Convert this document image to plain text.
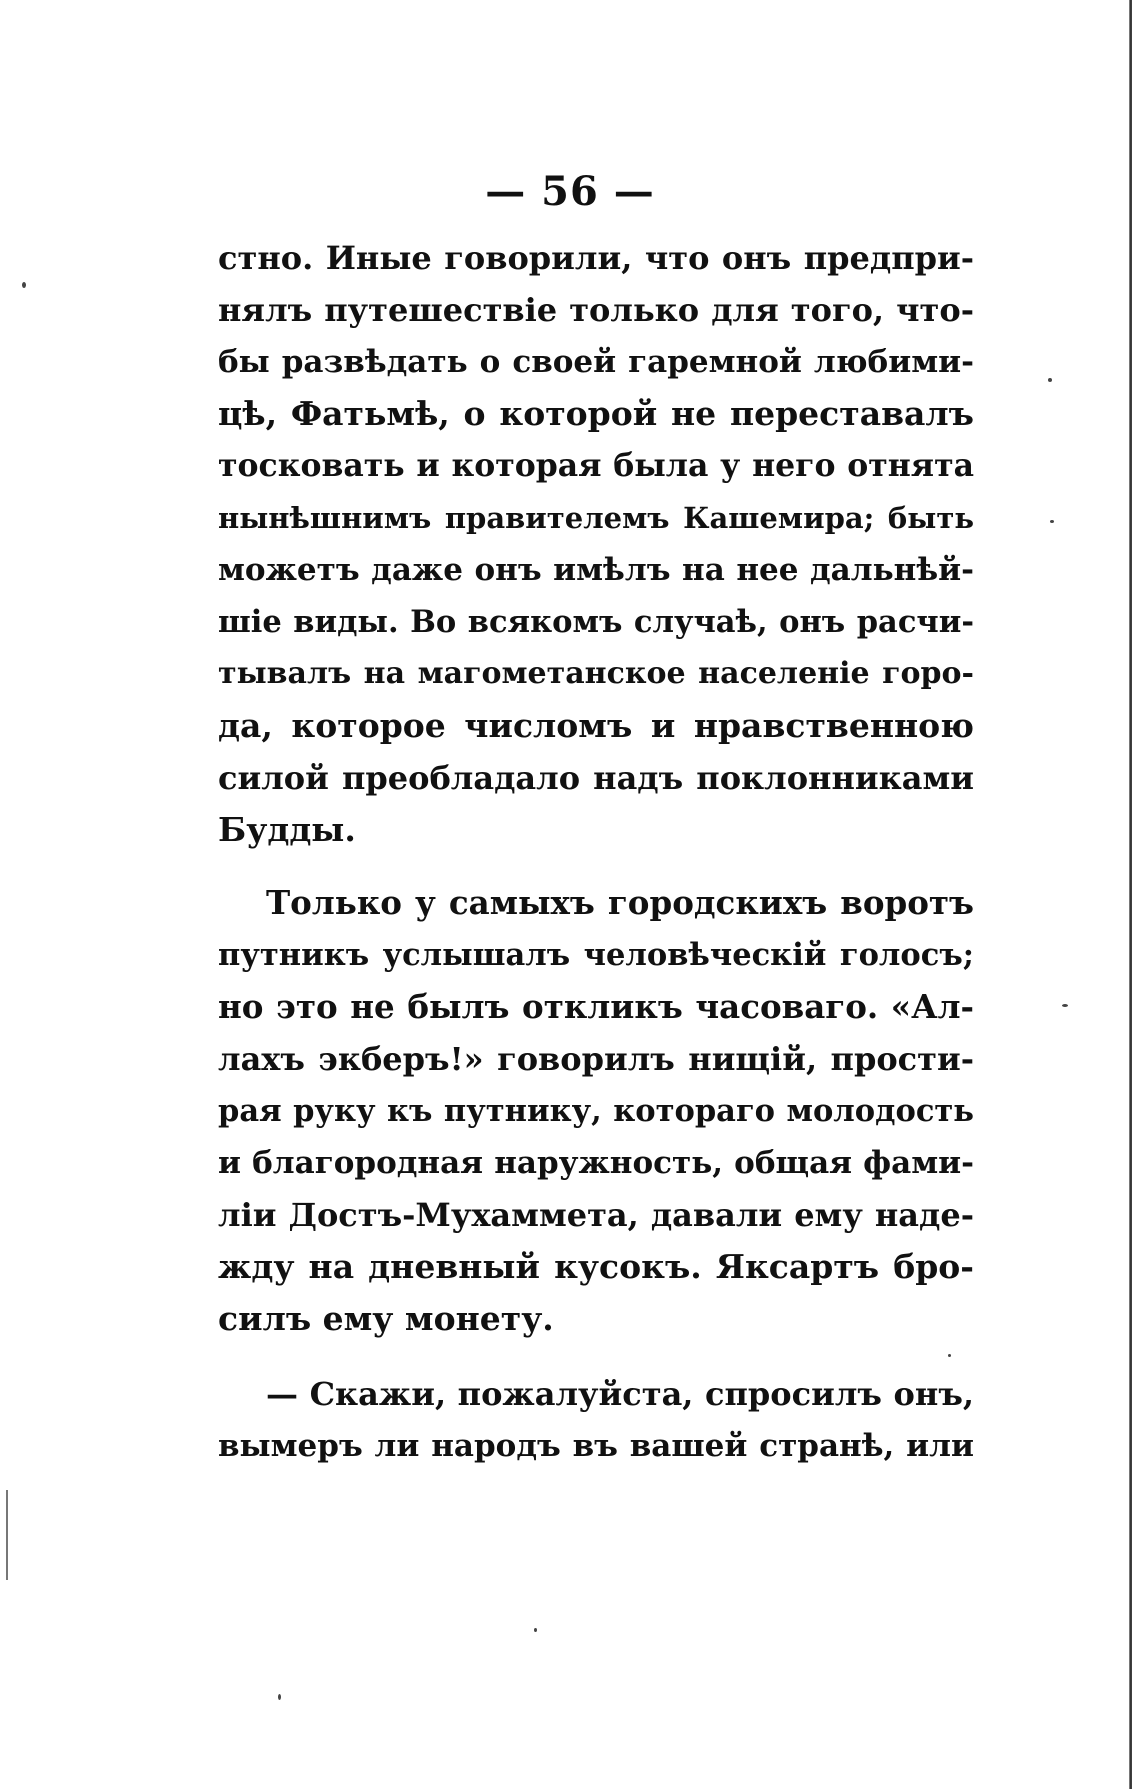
— 56 —
стно. Иные говорили, что онъ предпри-
нялъ путешествіе только для того, что-
бы развѣдать о своей гаремной любими-
цѣ, Фатьмѣ, о которой не переставалъ
тосковать и которая была у него отнята
нынѣшнимъ правителемъ Кашемира; быть
можетъ даже онъ имѣлъ на нее дальнѣй-
шіе виды. Во всякомъ случаѣ, онъ расчи-
тывалъ на магометанское населеніе горо-
да, которое числомъ и нравственною
силой преобладало надъ поклонниками
Будды.
Только у самыхъ городскихъ воротъ
путникъ услышалъ человѣческій голосъ;
но это не былъ откликъ часоваго. «Ал-
лахъ экберъ!» говорилъ нищій, прости-
рая руку къ путнику, котораго молодость
и благородная наружность, общая фами-
ліи Достъ-Мухаммета, давали ему наде-
жду на дневный кусокъ. Яксартъ бро-
силъ ему монету.
— Скажи, пожалуйста, спросилъ онъ,
вымеръ ли народъ въ вашей странѣ, или
